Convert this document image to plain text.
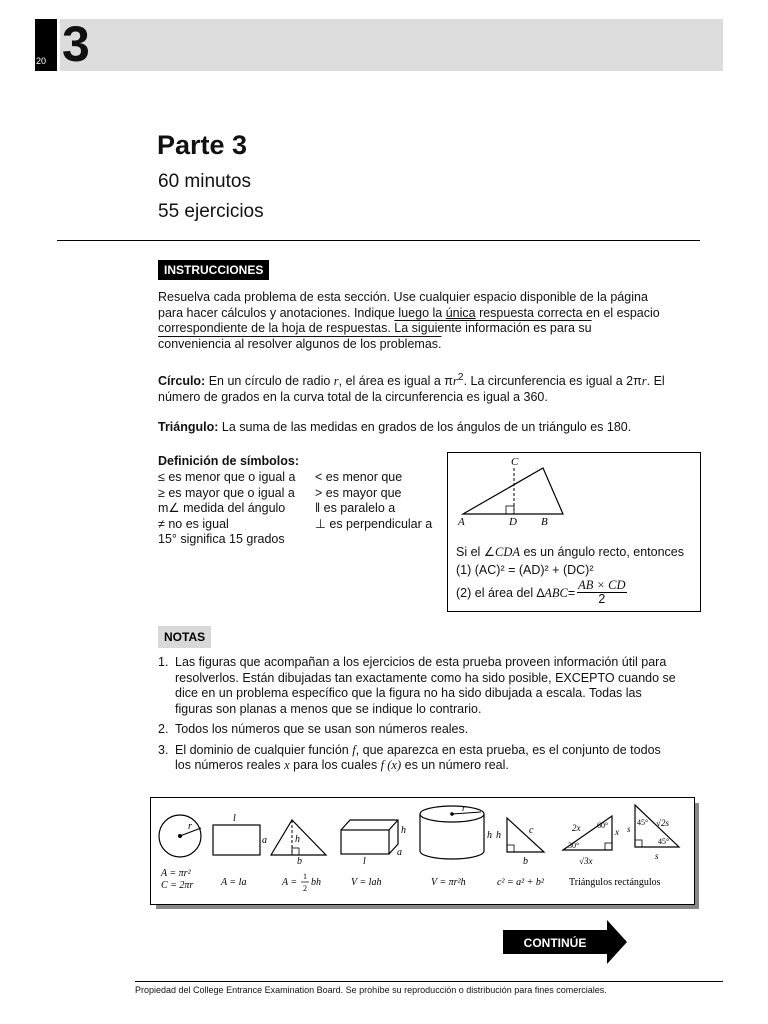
20 3
Parte 3
60 minutos
55 ejercicios
INSTRUCCIONES
Resuelva cada problema de esta sección. Use cualquier espacio disponible de la página para hacer cálculos y anotaciones. Indique luego la única respuesta correcta en el espacio correspondiente de la hoja de respuestas. La siguiente información es para su conveniencia al resolver algunos de los problemas.
Círculo: En un círculo de radio r, el área es igual a $\pi r^2$. La circunferencia es igual a 2πr. El número de grados en la curva total de la circunferencia es igual a 360.
Triángulo: La suma de las medidas en grados de los ángulos de un triángulo es 180.
Definición de símbolos:
≤ es menor que o igual a
≥ es mayor que o igual a
m∠ medida del ángulo
≠ no es igual
15° significa 15 grados
< es menor que
> es mayor que
‖ es paralelo a
⊥ es perpendicular a
C
A	D B
Si el ∠CDA es un ángulo recto, entonces
(1) (AC)² = (AD)² + (DC)²
(2) el área del ∆ ABC = $\frac{AB \times CD}{2}$
NOTAS
1. Las figuras que acompañan a los ejercicios de esta prueba proveen información útil para resolverlos. Están dibujadas tan exactamente como ha sido posible, EXCEPTO cuando se dice en un problema específico que la figura no ha sido dibujada a escala. Todas las figuras son planas a menos que se indique lo contrario.
2. Todos los números que se usan son números reales.
3. El dominio de cualquier función f, que aparezca en esta prueba, es el conjunto de todos los números reales x para los cuales f (x) es un número real.
r
A = πr²
C = 2πr
l
a
A = la
h
b
A =
1
2
bh
h
l
a
V = lah
r
h
V = πr²h
h	c
b
c² = a² + b²
2x 60°
x
30°
√3x
45° √2s
s
45°
s
Triángulos rectángulos
CONTINÚE
Propiedad del College Entrance Examination Board. Se prohíbe su reproducción o distribución para fines comerciales.
